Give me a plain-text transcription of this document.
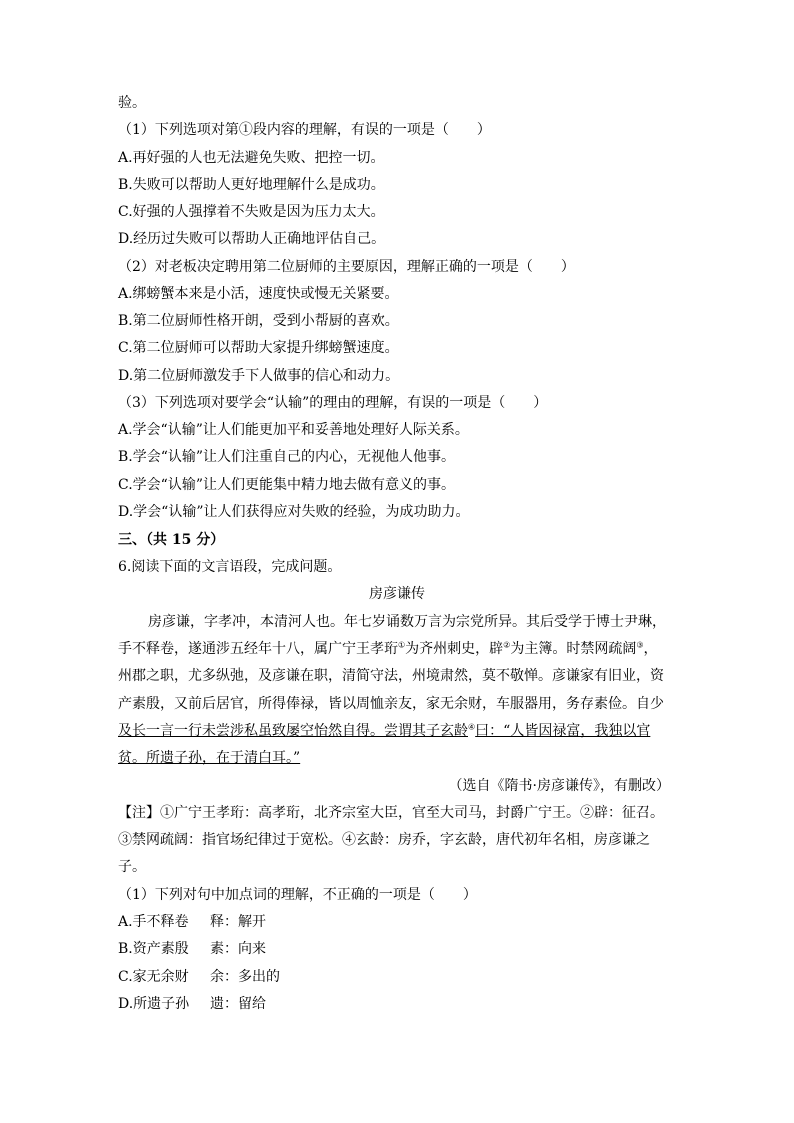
验。
（1）下列选项对第①段内容的理解，有误的一项是（　　）
A.再好强的人也无法避免失败、把控一切。
B.失败可以帮助人更好地理解什么是成功。
C.好强的人强撑着不失败是因为压力太大。
D.经历过失败可以帮助人正确地评估自己。
（2）对老板决定聘用第二位厨师的主要原因，理解正确的一项是（　　）
A.绑螃蟹本来是小活，速度快或慢无关紧要。
B.第二位厨师性格开朗，受到小帮厨的喜欢。
C.第二位厨师可以帮助大家提升绑螃蟹速度。
D.第二位厨师激发手下人做事的信心和动力。
（3）下列选项对要学会“认输”的理由的理解，有误的一项是（　　）
A.学会“认输”让人们能更加平和妥善地处理好人际关系。
B.学会“认输”让人们注重自己的内心，无视他人他事。
C.学会“认输”让人们更能集中精力地去做有意义的事。
D.学会“认输”让人们获得应对失败的经验，为成功助力。
三、（共 15 分）
6.阅读下面的文言语段，完成问题。
房彦谦传
房彦谦，字孝冲，本清河人也。年七岁诵数万言为宗党所异。其后受学于博士尹琳，
手不释卷，遂通涉五经年十八，属广宁王孝珩①为齐州刺史，辟②为主簿。时禁网疏阔③，
州郡之职，尤多纵弛，及彦谦在职，清简守法，州境肃然，莫不敬惮。彦谦家有旧业，资
产素殷，又前后居官，所得俸禄，皆以周恤亲友，家无余财，车服器用，务存素俭。自少
及长一言一行未尝涉私虽致屡空怡然自得。尝谓其子玄龄④曰：“人皆因禄富，我独以官
贫。所遗子孙，在于清白耳。”
（选自《隋书·房彦谦传》，有删改）
【注】①广宁王孝珩：高孝珩，北齐宗室大臣，官至大司马，封爵广宁王。②辟：征召。
③禁网疏阔：指官场纪律过于宽松。④玄龄：房乔，字玄龄，唐代初年名相，房彦谦之
子。
（1）下列对句中加点词的理解，不正确的一项是（　　）
A.手不释卷 释：解开
B.资产素殷 素：向来
C.家无余财 余：多出的
D.所遗子孙 遗：留给
